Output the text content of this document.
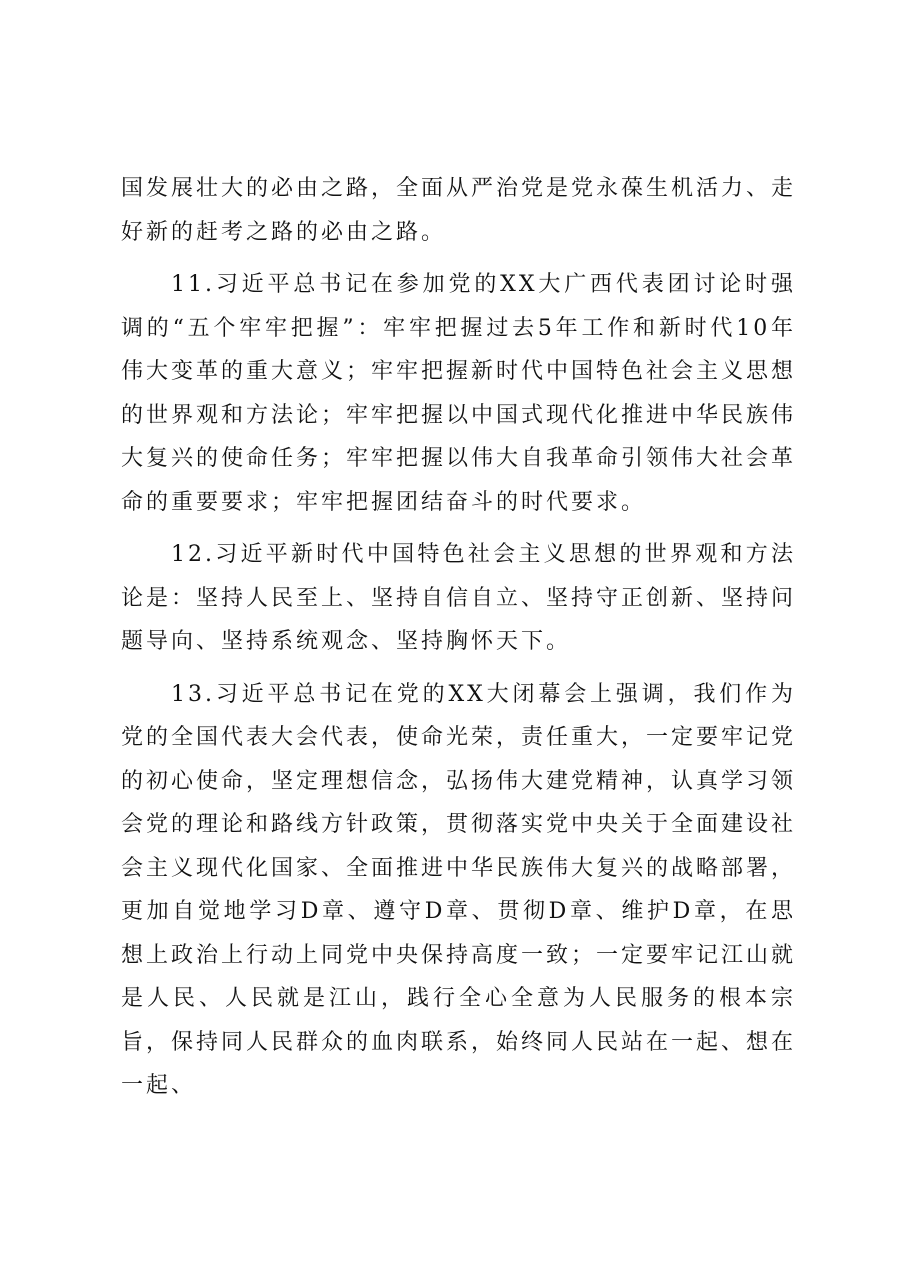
国发展壮大的必由之路，全面从严治党是党永葆生机活力、走好新的赶考之路的必由之路。

11.习近平总书记在参加党的XX大广西代表团讨论时强调的“五个牢牢把握”：牢牢把握过去5年工作和新时代10年伟大变革的重大意义；牢牢把握新时代中国特色社会主义思想的世界观和方法论；牢牢把握以中国式现代化推进中华民族伟大复兴的使命任务；牢牢把握以伟大自我革命引领伟大社会革命的重要要求；牢牢把握团结奋斗的时代要求。

12.习近平新时代中国特色社会主义思想的世界观和方法论是：坚持人民至上、坚持自信自立、坚持守正创新、坚持问题导向、坚持系统观念、坚持胸怀天下。

13.习近平总书记在党的XX大闭幕会上强调，我们作为党的全国代表大会代表，使命光荣，责任重大，一定要牢记党的初心使命，坚定理想信念，弘扬伟大建党精神，认真学习领会党的理论和路线方针政策，贯彻落实党中央关于全面建设社会主义现代化国家、全面推进中华民族伟大复兴的战略部署，更加自觉地学习D章、遵守D章、贯彻D章、维护D章，在思想上政治上行动上同党中央保持高度一致；一定要牢记江山就是人民、人民就是江山，践行全心全意为人民服务的根本宗旨，保持同人民群众的血肉联系，始终同人民站在一起、想在一起、
